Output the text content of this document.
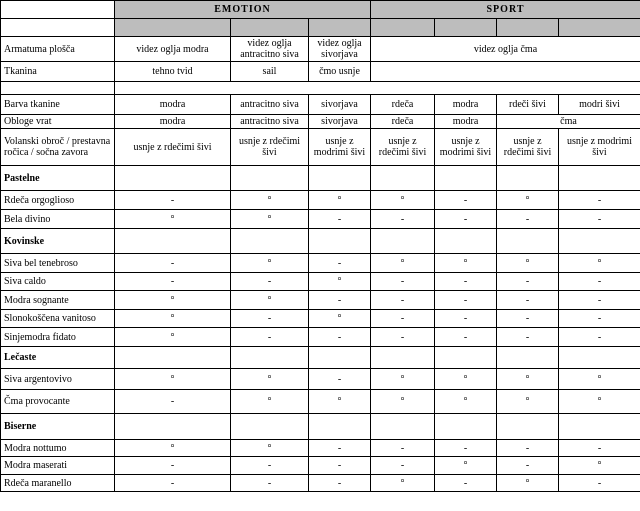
	EMOTION			SPORT			

Armatuma plošča	videz oglja modra	videz oglja antracitno siva	videz oglja sivorjava	videz oglja čma			
Tkanina	tehno tvid	sail	čmo usnje				

Barva tkanine	modra	antracitno siva	sivorjava	rdeča	modra	rdeči šivi	modri šivi
Obloge vrat	modra	antracitno siva	sivorjava	rdeča	modra	čma	
Volanski obroč / prestavna ročica / sočna zavora	usnje z rdečimi šivi	usnje z rdečimi šivi	usnje z modrimi šivi	usnje z rdečimi šivi	usnje z modrimi šivi	usnje z rdečimi šivi	usnje z modrimi šivi
Pastelne							
Rdeča orgoglioso	-	°	°	°	-	°	-
Bela divino	°	°	-	-	-	-	-
Kovinske							
Siva bel tenebroso	-	°	-	°	°	°	°
Siva caldo	-	-	°	-	-	-	-
Modra sognante	°	°	-	-	-	-	-
Slonokoščena vanitoso	°	-	°	-	-	-	-
Sinjemodra fidato	°	-	-	-	-	-	-
Lečaste							
Siva argentovivo	°	°	-	°	°	°	°
Čma provocante	-	°	°	°	°	°	°
Biserne							
Modra nottumo	°	°	-	-	-	-	-
Modra maserati	-	-	-	-	°	-	°
Rdeča maranello	-	-	-	°	-	°	-
